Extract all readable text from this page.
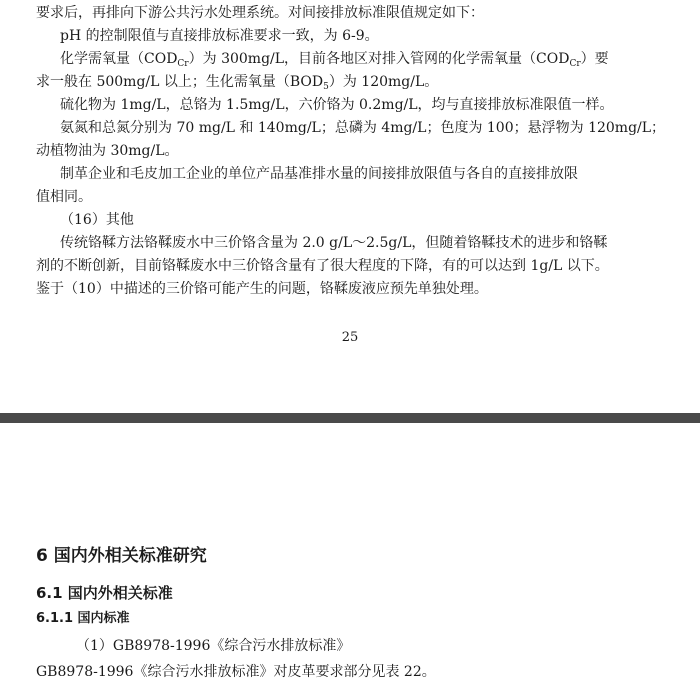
要求后，再排向下游公共污水处理系统。对间接排放标准限值规定如下：
pH 的控制限值与直接排放标准要求一致，为 6-9。
化学需氧量$(COD_{Cr})$为 300mg/L，目前各地区对排入管网的化学需氧量$(COD_{Cr})$要
求一般在 500mg/L 以上；生化需氧量$(BOD_5)$为 120mg/L。
硫化物为 1mg/L，总铬为 1.5mg/L，六价铬为 0.2mg/L，均与直接排放标准限值一样。
氨氮和总氮分别为 70 mg/L 和 140mg/L；总磷为 4mg/L；色度为 100；悬浮物为 120mg/L；
动植物油为 30mg/L。
制革企业和毛皮加工企业的单位产品基准排水量的间接排放限值与各自的直接排放限
值相同。
（16）其他
传统铬鞣方法铬鞣废水中三价铬含量为 2.0 g/L～2.5g/L，但随着铬鞣技术的进步和铬鞣
剂的不断创新，目前铬鞣废水中三价铬含量有了很大程度的下降，有的可以达到 1g/L 以下。
鉴于（10）中描述的三价铬可能产生的问题，铬鞣废液应预先单独处理。
25
6 国内外相关标准研究
6.1 国内外相关标准
6.1.1 国内标准
（1）GB8978-1996《综合污水排放标准》
GB8978-1996《综合污水排放标准》对皮革要求部分见表 22。
